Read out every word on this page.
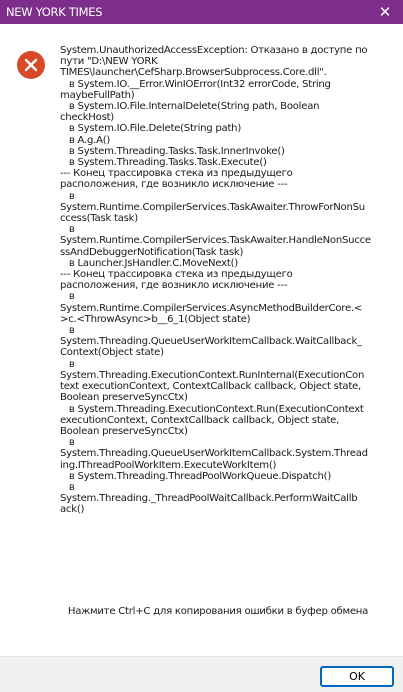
NEW YORK TIMES	✕
System.UnauthorizedAccessException: Отказано в доступе по
пути "D:\NEW YORK
TIMES\launcher\CefSharp.BrowserSubprocess.Core.dll".
в System.IO.__Error.WinIOError(Int32 errorCode, String
maybeFullPath)
в System.IO.File.InternalDelete(String path, Boolean
checkHost)
в System.IO.File.Delete(String path)
в A.g.A()
в System.Threading.Tasks.Task.InnerInvoke()
в System.Threading.Tasks.Task.Execute()
--- Конец трассировка стека из предыдущего
расположения, где возникло исключение ---
в
System.Runtime.CompilerServices.TaskAwaiter.ThrowForNonSu
ccess(Task task)
в
System.Runtime.CompilerServices.TaskAwaiter.HandleNonSucce
ssAndDebuggerNotification(Task task)
в Launcher.JsHandler.C.MoveNext()
--- Конец трассировка стека из предыдущего
расположения, где возникло исключение ---
в
System.Runtime.CompilerServices.AsyncMethodBuilderCore.<
>c.<ThrowAsync>b__6_1(Object state)
в
System.Threading.QueueUserWorkItemCallback.WaitCallback_
Context(Object state)
в
System.Threading.ExecutionContext.RunInternal(ExecutionCon
text executionContext, ContextCallback callback, Object state,
Boolean preserveSyncCtx)
в System.Threading.ExecutionContext.Run(ExecutionContext
executionContext, ContextCallback callback, Object state,
Boolean preserveSyncCtx)
в
System.Threading.QueueUserWorkItemCallback.System.Thread
ing.IThreadPoolWorkItem.ExecuteWorkItem()
в System.Threading.ThreadPoolWorkQueue.Dispatch()
в
System.Threading._ThreadPoolWaitCallback.PerformWaitCallb
ack()
Нажмите Ctrl+C для копирования ошибки в буфер обмена
OK
